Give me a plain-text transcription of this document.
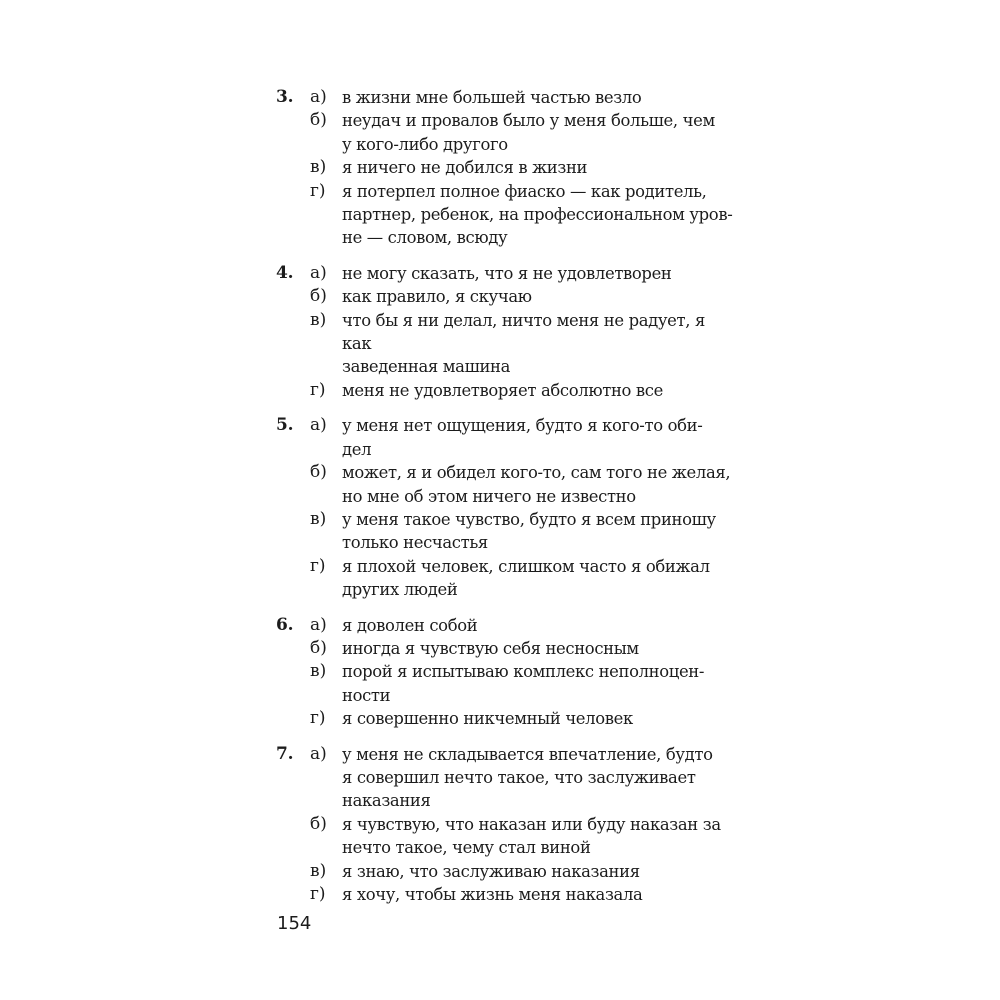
3. а) в жизни мне большей частью везло
б) неудач и провалов было у меня больше, чем
у кого-либо другого
в) я ничего не добился в жизни
г) я потерпел полное фиаско — как родитель,
партнер, ребенок, на профессиональном уров-
не — словом, всюду
4. а) не могу сказать, что я не удовлетворен
б) как правило, я скучаю
в) что бы я ни делал, ничто меня не радует, я как
заведенная машина
г) меня не удовлетворяет абсолютно все
5. а) у меня нет ощущения, будто я кого-то оби-
дел
б) может, я и обидел кого-то, сам того не желая,
но мне об этом ничего не известно
в) у меня такое чувство, будто я всем приношу
только несчастья
г) я плохой человек, слишком часто я обижал
других людей
6. а) я доволен собой
б) иногда я чувствую себя несносным
в) порой я испытываю комплекс неполноцен-
ности
г) я совершенно никчемный человек
7. а) у меня не складывается впечатление, будто
я совершил нечто такое, что заслуживает
наказания
б) я чувствую, что наказан или буду наказан за
нечто такое, чему стал виной
в) я знаю, что заслуживаю наказания
г) я хочу, чтобы жизнь меня наказала
154
